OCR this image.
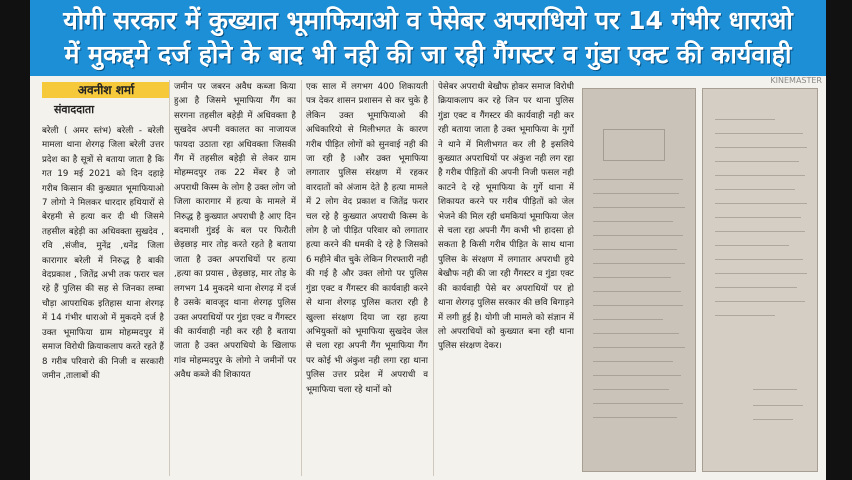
योगी सरकार में कुख्यात भूमाफियाओ व पेसेबर अपराधियो पर 14 गंभीर धाराओ
में मुकद्दमे दर्ज होने के बाद भी नही की जा रही गैंगस्टर व गुंडा एक्ट की कार्यवाही
KINEMASTER
अवनीश शर्मा
संवाददाता

बरेली ( अमर स्तंभ) बरेली - बरेली मामला थाना शेरगढ़ जिला बरेली उत्तर प्रदेश का है सूत्रों से बताया जाता है कि गत 19 मई 2021 को दिन दहाड़े गरीब किसान की कुख्यात भूमाफियाओ 7 लोगो ने मिलकर धारदार हथियारों से बेरहमी से हत्या कर दी थी जिसमे तहसील बहेड़ी का अधिवक्ता सुखदेव , रवि ,संजीव, मुनेंद्र ,धनेंद्र जिला कारागार बरेली में निरुद्ध है बाकी वेदप्रकाश , जितेंद्र अभी तक फरार चल रहे हैं पुलिस की सह से जिनका लम्बा चौड़ा आपराधिक इतिहास थाना शेरगढ़ में 14 गंभीर धाराओ में मुकदमे दर्ज है उक्त भूमाफिया ग्राम मोहम्मदपुर में समाज विरोधी क्रियाकलाप करते रहते हैं 8 गरीब परिवारो की निजी व सरकारी जमीन ,तालाबों की

जमीन पर जबरन अवैध कब्जा किया हुआ है जिसमे भूमाफिया गैंग का सरगना तहसील बहेड़ी में अधिवक्ता है सुखदेव अपनी वकालत का नाजायज फायदा उठाता रहा अधिवक्ता जिसकी गैंग में तहसील बहेड़ी से लेकर ग्राम मोहम्मदपुर तक 22 मेंबर है जो अपराधी किस्म के लोग है उक्त लोग जो जिला कारागार में हत्या के मामले में निरुद्ध है कुख्यात अपराधी है आए दिन बदमाशी गुंडई के बल पर फिरौती छेड़छाड़ मार तोड़ करते रहते है बताया जाता है उक्त अपराधियों पर हत्या ,हत्या का प्रयास , छेड़छाड़, मार तोड़ के लगभग 14 मुकदमे थाना शेरगढ़ में दर्ज है उसके बावजूद थाना शेरगढ़ पुलिस उक्त अपराधियों पर गुंडा एक्ट व गैंगस्टर की कार्यवाही नही कर रही है बताया जाता है उक्त अपराधियो के खिलाफ गांव मोहम्मदपुर के लोगो ने जमीनों पर अवैध कब्जे की शिकायत

एक साल में लगभग 400 शिकायती पत्र देकर शासन प्रशासन से कर चुके है लेकिन उक्त भूमाफियाओ की अधिकारियो से मिलीभगत के कारण गरीब पीड़ित लोगों को सुनवाई नही की जा रही है ।और उक्त भूमाफिया लगातार पुलिस संरक्षण में रहकर वारदातों को अंजाम देते है हत्या मामले में 2 लोग वेद प्रकाश व जितेंद्र फरार चल रहे है कुख्यात अपराधी किस्म के लोग है जो पीड़ित परिवार को लगातार हत्या करने की धमकी दे रहे है जिसको 6 महीने बीत चुके लेकिन गिरफ्तारी नही की गई है और उक्त लोगो पर पुलिस गुंडा एक्ट व गैंगस्टर की कार्यवाही करने से थाना शेरगढ़ पुलिस कतरा रही है खुल्ला संरक्षण दिया जा रहा हत्या अभियुक्तों को भूमाफिया सुखदेव जेल से चला रहा अपनी गैंग भूमाफिया गैंग पर कोई भी अंकुश नही लगा रहा थाना पुलिस उत्तर प्रदेश में अपराधी व भूमाफिया चला रहे थानों को

पेसेबर अपराधी बेखौफ होकर समाज विरोधी क्रियाकलाप कर रहे जिन पर थाना पुलिस गुंडा एक्ट व गैंगस्टर की कार्यवाही नही कर रही बताया जाता है उक्त भूमाफिया के गुर्गों ने थाने में मिलीभगत कर ली है इसलिये कुख्यात अपराधियों पर अंकुश नही लग रहा है गरीब पीड़ितों की अपनी निजी फसल नही काटने दे रहे भूमाफिया के गुर्गे थाना में शिकायत करने पर गरीब पीड़ितों को जेल भेजने की मिल रही धमकियां भूमाफिया जेल से चला रहा अपनी गैंग कभी भी हादसा हो सकता है किसी गरीब पीड़ित के साथ थाना पुलिस के संरक्षण में लगातार अपराधी हुये बेखौफ नही की जा रही गैंगस्टर व गुंडा एक्ट की कार्यवाही पेसे बर अपराधियों पर हो थाना शेरगढ़ पुलिस सरकार की छवि बिगाड़ने में लगी हुई है। योगी जी मामले को संज्ञान में लो अपराधियों को कुख्यात बना रही थाना पुलिस संरक्षण देकर।
